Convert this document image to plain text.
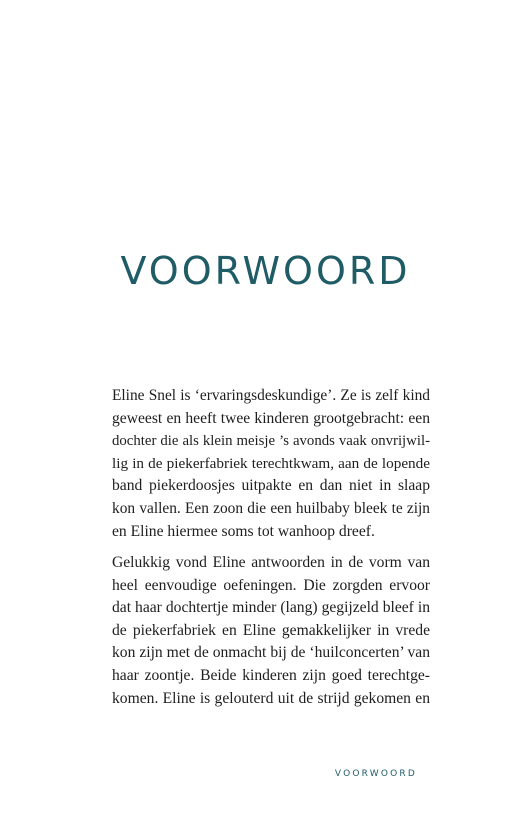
VOORWOORD
Eline Snel is ‘ervaringsdeskundige’. Ze is zelf kind
geweest en heeft twee kinderen grootgebracht: een
dochter die als klein meisje ’s avonds vaak onvrijwil-
lig in de piekerfabriek terechtkwam, aan de lopende
band piekerdoosjes uitpakte en dan niet in slaap
kon vallen. Een zoon die een huilbaby bleek te zijn
en Eline hiermee soms tot wanhoop dreef.
Gelukkig vond Eline antwoorden in de vorm van
heel eenvoudige oefeningen. Die zorgden ervoor
dat haar dochtertje minder (lang) gegijzeld bleef in
de piekerfabriek en Eline gemakkelijker in vrede
kon zijn met de onmacht bij de ‘huilconcerten’ van
haar zoontje. Beide kinderen zijn goed terechtge-
komen. Eline is gelouterd uit de strijd gekomen en
VOORWOORD
